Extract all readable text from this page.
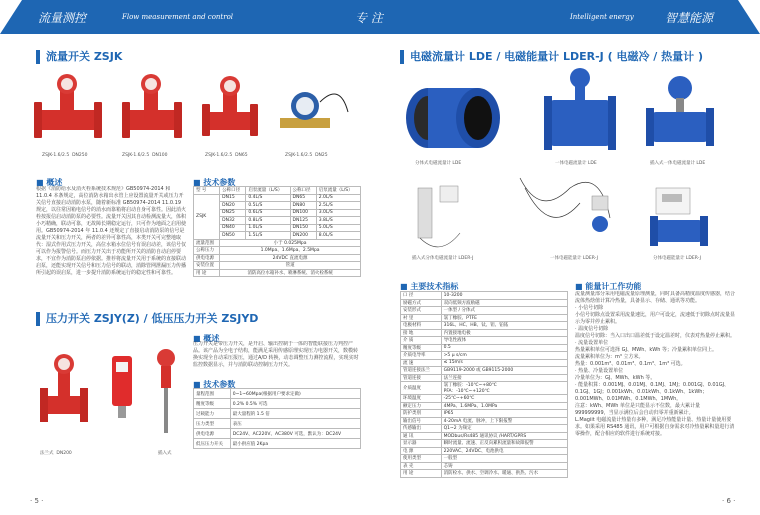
流量测控	Flow measurement and control	专 注	Intelligent energy	智慧能源
流量开关 ZSJK
ZSJK-1.6/2.5 DN250	ZSJK-1.6/2.5 DN100	ZSJK-1.6/2.5 DN65	ZSJK-1.6/2.5 DN25
■ 概述
根据《消防给水及消火栓系统技术规范》GB50974-2014 和 11.0.4 本条规定，高位消防水箱出水管上应设置流量开关或压力开关信号直接启动消防水泵，随着新标准 GB50974-2014 11.0.19 规定，以往常因箱电信号的消水而靠箱将启动自身可靠性。因此消火栓按报信启动消防泵的必要性。流量开关因其自动检测流量大，体积小巧精确，联动可靠，无故障长期稳定运行，只可作为地面之启用使用。GB50974-2014 年 11.0.4 还规定了直接启动消防泵的信号是流量开关和压力开关，两者的差异可靠性高，本类开关可完整地取代：湿式作用式压力开关，高位水箱水位信号有误启动差，该信号仅可以作为报警信号。而压力开关出于功能所开关的消防自动启停要求，不宜作为消防泵启停依据。推荐将流量开关用于系统的直接联动启泵，还能实现开关信号和压力信号的联动，消除管网泄漏压力传播所引起的误启泵，进一步提升消防系统运行的稳定性和可靠性。
■ 技术参数
型 号	公称口径	启泵流量（L/S）	公称口径	启泵流量（L/S）
ZSJK	DN15	0.4L/S	DN65	2.0L/S
	DN20	0.5L/S	DN80	2.5L/S
	DN25	0.6L/S	DN100	3.0L/S
	DN32	0.8L/S	DN125	3.8L/S
	DN40	1.0L/S	DN150	5.0L/S
	DN50	1.5L/S	DN200	8.0L/S
流量范围	小于 0.025Mpa			
公称压力	1.0Mpa、1.6Mpa、2.5Mpa			
供电电源	24VDC 直流电源			
安装位置	管道			
用 途	消防高位水箱补水、喷淋系统、消火栓系统			
压力开关 ZSJY(Z) / 低压压力开关 ZSJYD
■ 概述
压力开关是带压力开关，是开启、输出控制于一体的智能联接压力判控产品。该产品为全电子结构，能满足采用传感原理实现压力电器开关，数模转换实现全自动采压报压，通过A/D 转换，动态调整压力测控流程，实现实时监控数据显示，并与消防联动控制压力开关。
■ 技术参数
量程范围	0~1~60Mpa(根据用户要求定做)
精度等级	0.2% 0.5% 可选
过载能力	最大量程的 1.5 倍
压力类型	表压
供电电源	DC24V、AC220V、AC380V 可选，默认为：DC24V
低压压力开关	最小供应值 2Kpa
法兰式 DN200	插入式
· 5 ·
电磁流量计 LDE / 电磁能量计 LDER-J ( 电磁冷 / 热量计 )
分体式电磁流量计 LDE	一体电磁流量计 LDE	插入式一体电磁流量计 LDE
插入式分体电磁流量计 LDER-J	一体电磁能量计 LDER-J	分体电磁能量计 LDER-J
■ 主要技术指标
口 径	10-3200
励磁方式	双向低频方波励磁
安装形式	一体型 / 分体式
衬 里	氯丁橡胶、PTFE
电极材料	316L、HC、HB、钛、钽、铂铱
接 地	内置接地电极
介 质	导电性液体
精度等级	0.5
介质电导率	>5 μ s/cm
流 速	≤ 15m/s
管道连接法兰	GB9119-2000 或 GB9115-2000
管道连接	法兰连接
介质温度	氯丁橡胶：-10℃~+80℃
PFA：-10℃~+120℃
环境温度	-25℃~+60℃
额定压力	4MPa、1.6MPa、1.0MPa
防护类别	IP65
输出信号	4-20mA 电流、脉冲，上下限报警
传感输出	Q1~2 为频定
通 讯	MODbus/Rs485 通讯协议 /HART/GPRS
显示器	瞬时流量、流速、正反向累积流量和故障报警
电 源	220VAC、24VDC、电池供电
使用类型	一般型
表 壳	芯铸
用 途	消防栓水、供水、空调冷水、暖通、供热、污水
■ 能量计工作功能
流量测量部分采用电磁流量原理测量，同时具备高精度温度传感器，结合流体热焓值计算冷热量，具备显示、存储、通讯等功能。
· 小信号切除
小信号切除点设置采用流量速比，用户可设定，流速低于切除点时流量显示为零并停止累积。
· 温度信号切除
温度信号切除：当入口出口温差低于设定温差时，仪表对热量停止累积。
· 流量设置单位
热量累积单位可选择 GJ、MWh、kWh 等；冷量累积单位同上。
流量累积单位为：m³ 立方米。
热量：0.001m³、0.01m³、0.1m³、1m³ 可选。
· 热量、冷量设置单位
冷量单位为：GJ、MWh、kWh 等。
· 能量积算：0.001MJ、0.01MJ、0.1MJ、1MJ；0.001GJ、0.01GJ、0.1GJ、1GJ；0.001kWh、0.01kWh、0.1kWh、1kWh；0.001MWh、0.01MWh、0.1MWh、1MWh。
注意：kWh、MWh 单位是只能显示不位数，最大累计量 999999999，当显示满位后会自动归零并重新累计。
L.Magiit 电磁流量计热量有多种，满足冷热能量计量、热量计量使用要求。如果采用 RS485 通讯，用户可根据自身需求对冷热量累积量进行清零操作，配合相应的软件进行系统对接。
· 6 ·
